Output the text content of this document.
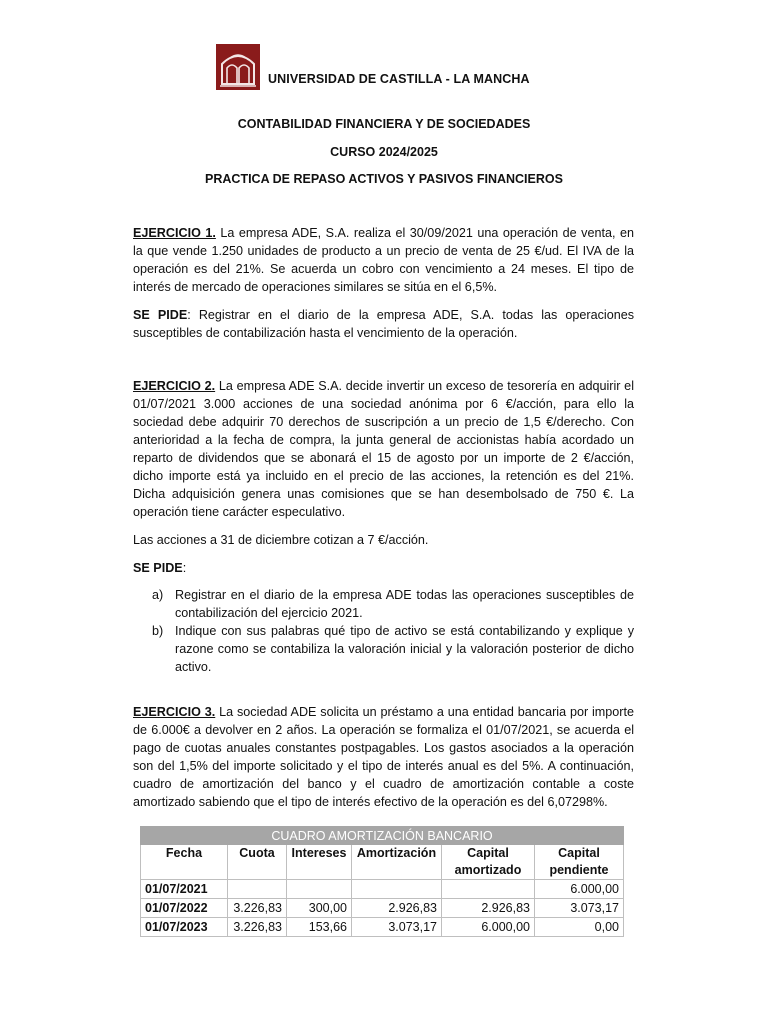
UNIVERSIDAD DE CASTILLA - LA MANCHA
CONTABILIDAD FINANCIERA Y DE SOCIEDADES
CURSO 2024/2025
PRACTICA DE REPASO ACTIVOS Y PASIVOS FINANCIEROS
EJERCICIO 1. La empresa ADE, S.A. realiza el 30/09/2021 una operación de venta, en la que vende 1.250 unidades de producto a un precio de venta de 25 €/ud. El IVA de la operación es del 21%. Se acuerda un cobro con vencimiento a 24 meses. El tipo de interés de mercado de operaciones similares se sitúa en el 6,5%.
SE PIDE: Registrar en el diario de la empresa ADE, S.A. todas las operaciones susceptibles de contabilización hasta el vencimiento de la operación.
EJERCICIO 2. La empresa ADE S.A. decide invertir un exceso de tesorería en adquirir el 01/07/2021 3.000 acciones de una sociedad anónima por 6 €/acción, para ello la sociedad debe adquirir 70 derechos de suscripción a un precio de 1,5 €/derecho. Con anterioridad a la fecha de compra, la junta general de accionistas había acordado un reparto de dividendos que se abonará el 15 de agosto por un importe de 2 €/acción, dicho importe está ya incluido en el precio de las acciones, la retención es del 21%. Dicha adquisición genera unas comisiones que se han desembolsado de 750 €. La operación tiene carácter especulativo.
Las acciones a 31 de diciembre cotizan a 7 €/acción.
SE PIDE:
a) Registrar en el diario de la empresa ADE todas las operaciones susceptibles de contabilización del ejercicio 2021.
b) Indique con sus palabras qué tipo de activo se está contabilizando y explique y razone como se contabiliza la valoración inicial y la valoración posterior de dicho activo.
EJERCICIO 3. La sociedad ADE solicita un préstamo a una entidad bancaria por importe de 6.000€ a devolver en 2 años. La operación se formaliza el 01/07/2021, se acuerda el pago de cuotas anuales constantes postpagables. Los gastos asociados a la operación son del 1,5% del importe solicitado y el tipo de interés anual es del 5%. A continuación, cuadro de amortización del banco y el cuadro de amortización contable a coste amortizado sabiendo que el tipo de interés efectivo de la operación es del 6,07298%.
CUADRO AMORTIZACIÓN BANCARIO					
Fecha	Cuota	Intereses	Amortización	Capital amortizado	Capital pendiente
01/07/2021					6.000,00
01/07/2022	3.226,83	300,00	2.926,83	2.926,83	3.073,17
01/07/2023	3.226,83	153,66	3.073,17	6.000,00	0,00
